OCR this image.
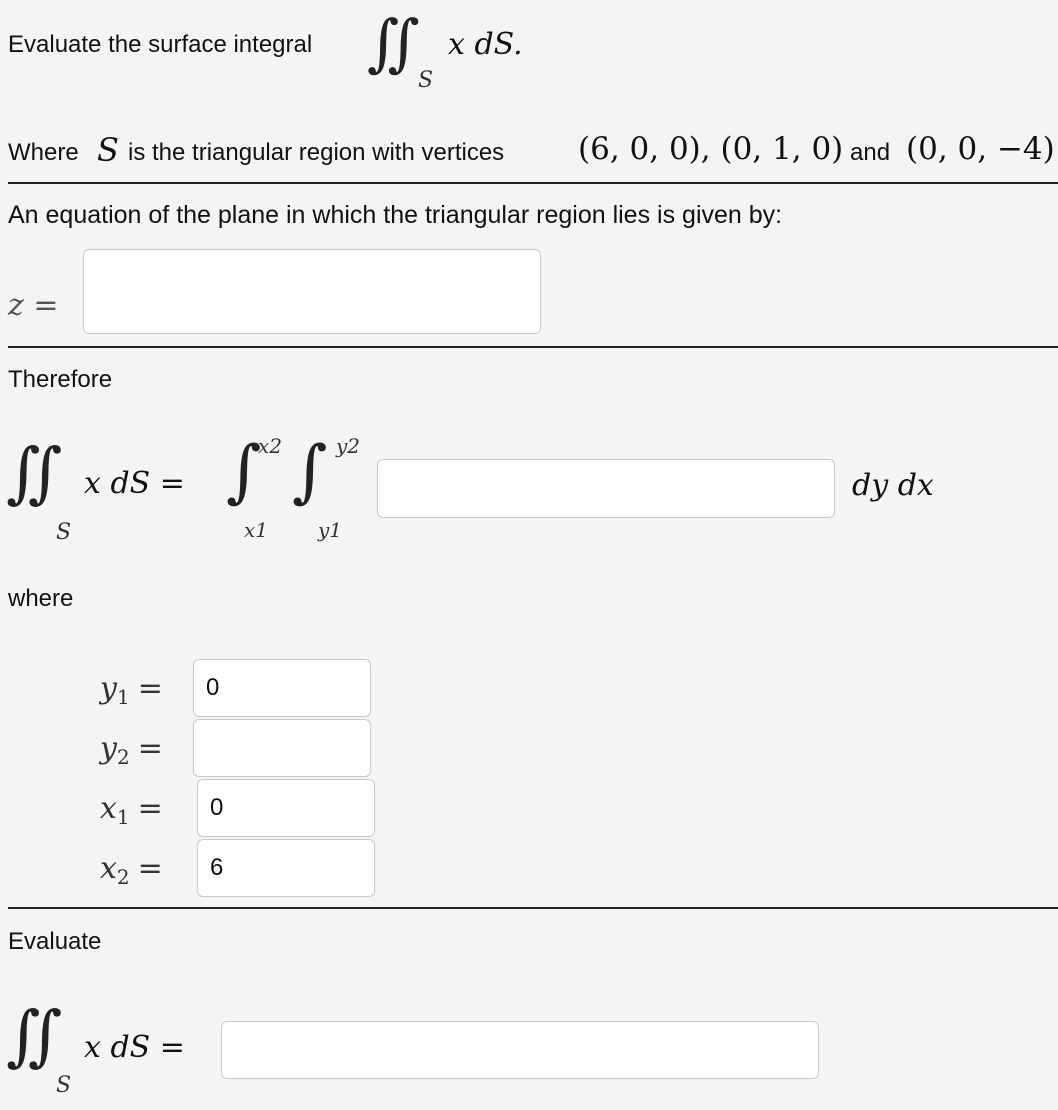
Evaluate the surface integral ∬
S
x dS.
Where S is the triangular region with vertices (6, 0, 0), (0, 1, 0) and (0, 0, −4)
An equation of the plane in which the triangular region lies is given by:
z =
Therefore
∬
S
x dS = ∫
x2
x1
∫ y2
y1
dy dx
where
$y_1$ =
0
$y_2$ =
$x_1$ =
0
$x_2$ =
6
Evaluate
∬
S
x dS =
